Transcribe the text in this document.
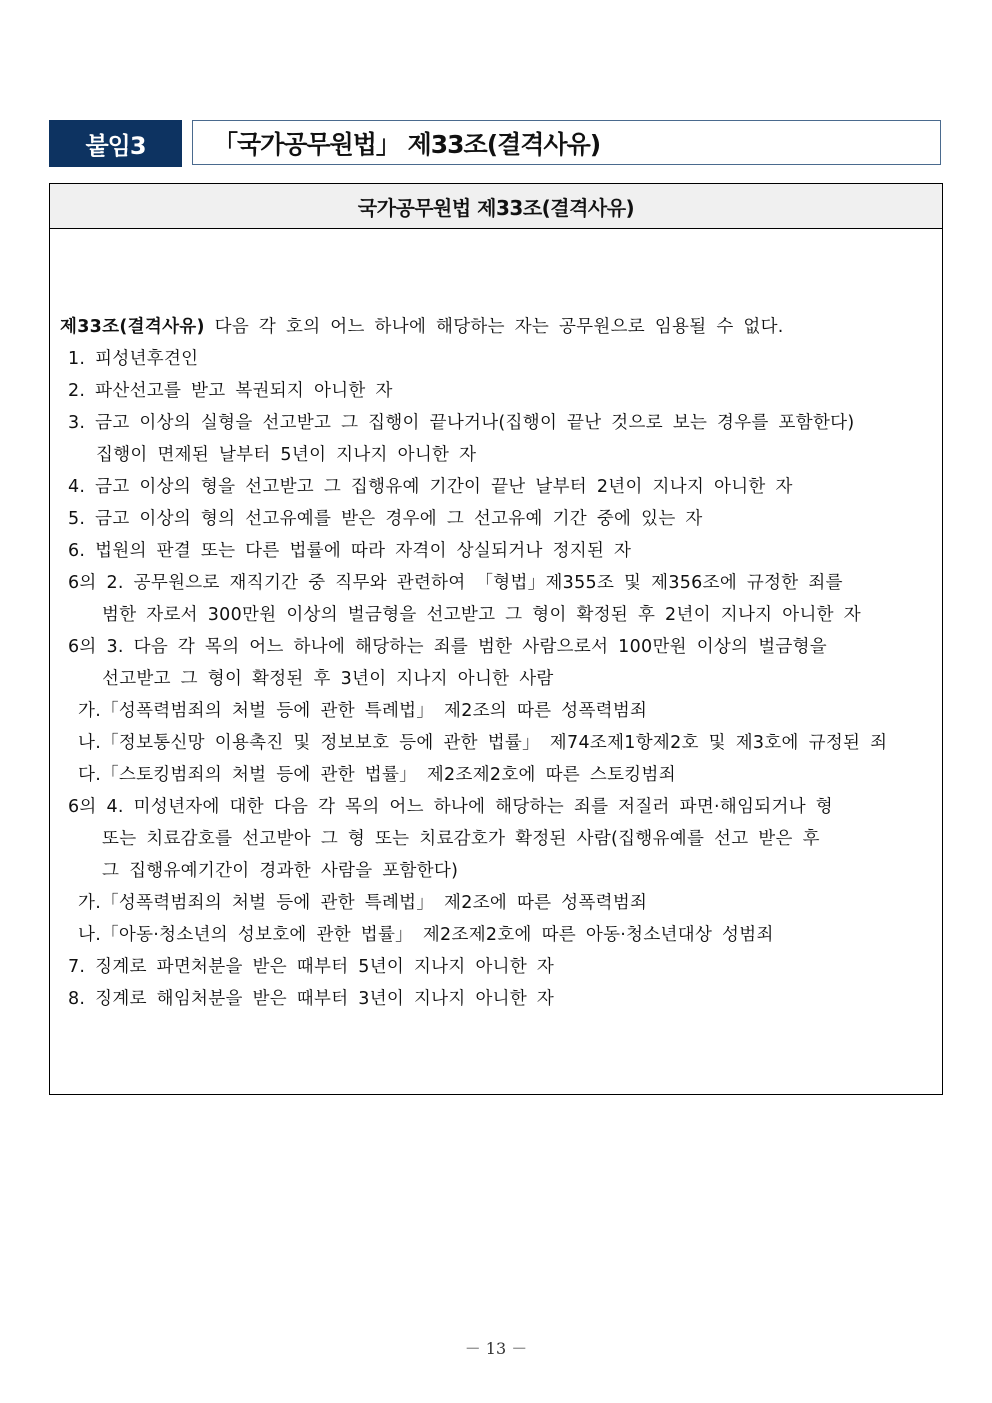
붙임3	「국가공무원법」 제33조(결격사유)
국가공무원법 제33조(결격사유)
제33조(결격사유) 다음 각 호의 어느 하나에 해당하는 자는 공무원으로 임용될 수 없다.
1. 피성년후견인
2. 파산선고를 받고 복권되지 아니한 자
3. 금고 이상의 실형을 선고받고 그 집행이 끝나거나(집행이 끝난 것으로 보는 경우를 포함한다)
집행이 면제된 날부터 5년이 지나지 아니한 자
4. 금고 이상의 형을 선고받고 그 집행유예 기간이 끝난 날부터 2년이 지나지 아니한 자
5. 금고 이상의 형의 선고유예를 받은 경우에 그 선고유예 기간 중에 있는 자
6. 법원의 판결 또는 다른 법률에 따라 자격이 상실되거나 정지된 자
6의 2. 공무원으로 재직기간 중 직무와 관련하여 「형법」제355조 및 제356조에 규정한 죄를
범한 자로서 300만원 이상의 벌금형을 선고받고 그 형이 확정된 후 2년이 지나지 아니한 자
6의 3. 다음 각 목의 어느 하나에 해당하는 죄를 범한 사람으로서 100만원 이상의 벌금형을
선고받고 그 형이 확정된 후 3년이 지나지 아니한 사람
가.「성폭력범죄의 처벌 등에 관한 특례법」 제2조의 따른 성폭력범죄
나.「정보통신망 이용촉진 및 정보보호 등에 관한 법률」 제74조제1항제2호 및 제3호에 규정된 죄
다.「스토킹범죄의 처벌 등에 관한 법률」 제2조제2호에 따른 스토킹범죄
6의 4. 미성년자에 대한 다음 각 목의 어느 하나에 해당하는 죄를 저질러 파면·해임되거나 형
또는 치료감호를 선고받아 그 형 또는 치료감호가 확정된 사람(집행유예를 선고 받은 후
그 집행유예기간이 경과한 사람을 포함한다)
가.「성폭력범죄의 처벌 등에 관한 특례법」 제2조에 따른 성폭력범죄
나.「아동·청소년의 성보호에 관한 법률」 제2조제2호에 따른 아동·청소년대상 성범죄
7. 징계로 파면처분을 받은 때부터 5년이 지나지 아니한 자
8. 징계로 해임처분을 받은 때부터 3년이 지나지 아니한 자
－ 13 －
